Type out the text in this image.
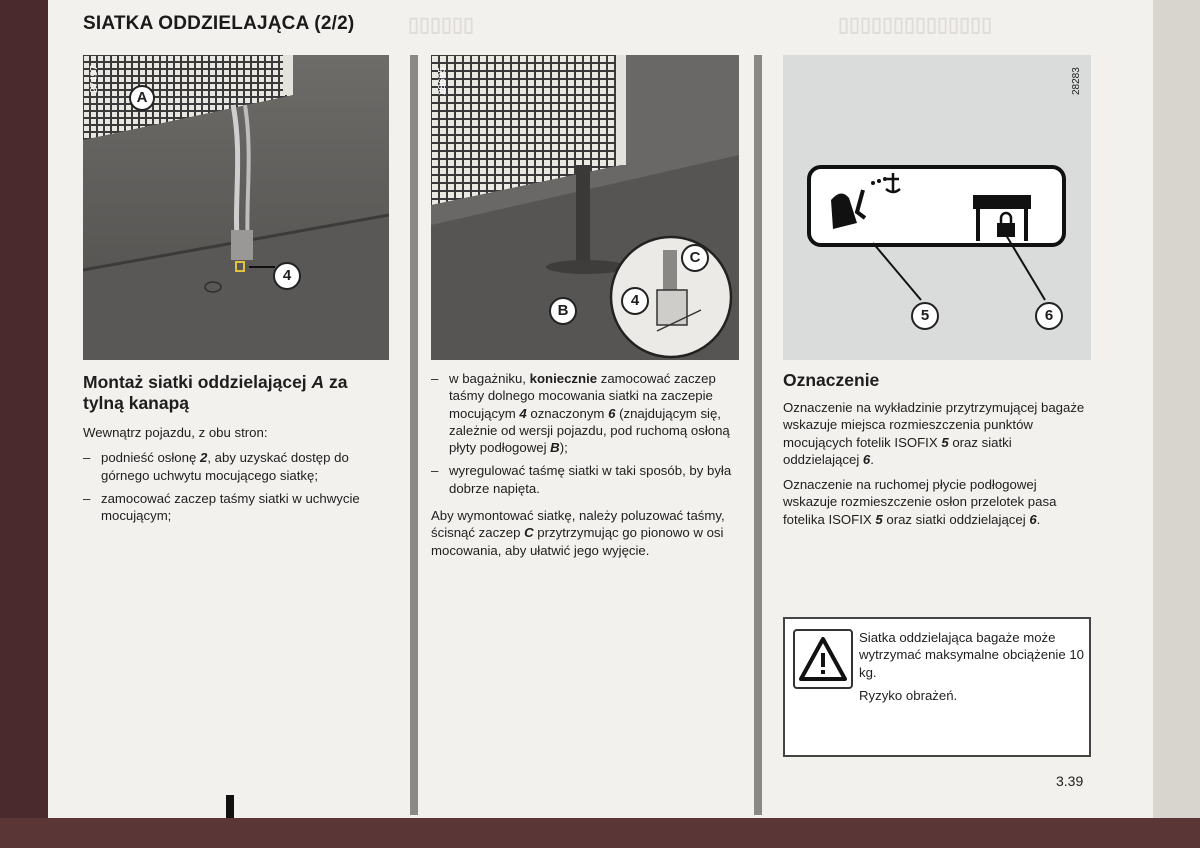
SIATKA ODDZIELAJĄCA (2/2)	▯▯▯▯▯▯	▯▯▯▯▯▯▯▯▯▯▯▯▯▯
A
4
27497
B
4
C
28695
5	6
28283
Montaż siatki oddzielającej A za tylną kanapą

Wewnątrz pojazdu, z obu stron:

– podnieść osłonę 2, aby uzyskać dostęp do górnego uchwytu mocującego siatkę;
– zamocować zaczep taśmy siatki w uchwycie mocującym;
– w bagażniku, koniecznie zamocować zaczep taśmy dolnego mocowania siatki na zaczepie mocującym 4 oznaczonym 6 (znajdującym się, zależnie od wersji pojazdu, pod ruchomą osłoną płyty podłogowej B);
– wyregulować taśmę siatki w taki sposób, by była dobrze napięta.

Aby wymontować siatkę, należy poluzować taśmy, ścisnąć zaczep C przytrzymując go pionowo w osi mocowania, aby ułatwić jego wyjęcie.

Oznaczenie

Oznaczenie na wykładzinie przytrzymującej bagaże wskazuje miejsca rozmieszczenia punktów mocujących fotelik ISOFIX 5 oraz siatki oddzielającej 6.

Oznaczenie na ruchomej płycie podłogowej wskazuje rozmieszczenie osłon przelotek pasa fotelika ISOFIX 5 oraz siatki oddzielającej 6.

Siatka oddzielająca bagaże może wytrzymać maksymalne obciążenie 10 kg.

Ryzyko obrażeń.

3.39
